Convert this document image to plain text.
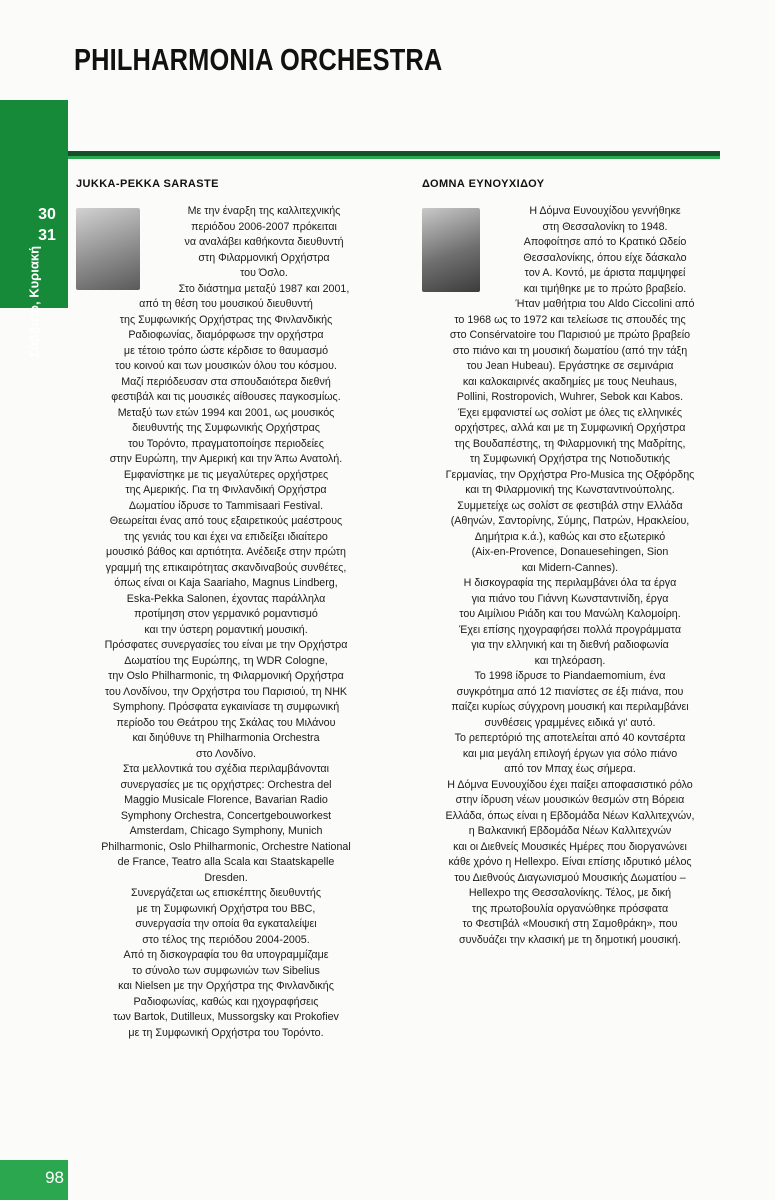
30
31
Σάββατο, Κυριακή
PHILHARMONIA ORCHESTRA
JUKKA-PEKKA SARASTE

Με την έναρξη της καλλιτεχνικής

περιόδου 2006-2007 πρόκειται

να αναλάβει καθήκοντα διευθυντή

στη Φιλαρμονική Ορχήστρα

του Όσλο.

Στο διάστημα μεταξύ 1987 και 2001,

από τη θέση του μουσικού διευθυντή

της Συμφωνικής Ορχήστρας της Φινλανδικής

Ραδιοφωνίας, διαμόρφωσε την ορχήστρα

με τέτοιο τρόπο ώστε κέρδισε το θαυμασμό

του κοινού και των μουσικών όλου του κόσμου.

Μαζί περιόδευσαν στα σπουδαιότερα διεθνή

φεστιβάλ και τις μουσικές αίθουσες παγκοσμίως.

Μεταξύ των ετών 1994 και 2001, ως μουσικός

διευθυντής της Συμφωνικής Ορχήστρας

του Τορόντο, πραγματοποίησε περιοδείες

στην Ευρώπη, την Αμερική και την Άπω Ανατολή.

Εμφανίστηκε με τις μεγαλύτερες ορχήστρες

της Αμερικής. Για τη Φινλανδική Ορχήστρα

Δωματίου ίδρυσε το Tammisaari Festival.

Θεωρείται ένας από τους εξαιρετικούς μαέστρους

της γενιάς του και έχει να επιδείξει ιδιαίτερο

μουσικό βάθος και αρτιότητα. Ανέδειξε στην πρώτη

γραμμή της επικαιρότητας σκανδιναβούς συνθέτες,

όπως είναι οι Kaja Saariaho, Magnus Lindberg,

Eska-Pekka Salonen, έχοντας παράλληλα

προτίμηση στον γερμανικό ρομαντισμό

και την ύστερη ρομαντική μουσική.

Πρόσφατες συνεργασίες του είναι με την Ορχήστρα

Δωματίου της Ευρώπης, τη WDR Cologne,

την Oslo Philharmonic, τη Φιλαρμονική Ορχήστρα

του Λονδίνου, την Ορχήστρα του Παρισιού, τη NHK

Symphony. Πρόσφατα εγκαινίασε τη συμφωνική

περίοδο του Θεάτρου της Σκάλας του Μιλάνου

και διηύθυνε τη Philharmonia Orchestra

στο Λονδίνο.

Στα μελλοντικά του σχέδια περιλαμβάνονται

συνεργασίες με τις ορχήστρες: Orchestra del

Maggio Musicale Florence, Bavarian Radio

Symphony Orchestra, Concertgebouworkest

Amsterdam, Chicago Symphony, Munich

Philharmonic, Oslo Philharmonic, Orchestre National

de France, Teatro alla Scala και Staatskapelle

Dresden.

Συνεργάζεται ως επισκέπτης διευθυντής

με τη Συμφωνική Ορχήστρα του BBC,

συνεργασία την οποία θα εγκαταλείψει

στο τέλος της περιόδου 2004-2005.

Από τη δισκογραφία του θα υπογραμμίζαμε

το σύνολο των συμφωνιών των Sibelius

και Nielsen με την Ορχήστρα της Φινλανδικής

Ραδιοφωνίας, καθώς και ηχογραφήσεις

των Bartok, Dutilleux, Mussorgsky και Prokofiev

με τη Συμφωνική Ορχήστρα του Τορόντο.

ΔΟΜΝΑ ΕΥΝΟΥΧΙΔΟΥ

Η Δόμνα Ευνουχίδου γεννήθηκε

στη Θεσσαλονίκη το 1948.

Αποφοίτησε από το Κρατικό Ωδείο

Θεσσαλονίκης, όπου είχε δάσκαλο

τον Α. Κοντό, με άριστα παμψηφεί

και τιμήθηκε με το πρώτο βραβείο.

Ήταν μαθήτρια του Aldo Ciccolini από

το 1968 ως το 1972 και τελείωσε τις σπουδές της

στο Consérvatoire του Παρισιού με πρώτο βραβείο

στο πιάνο και τη μουσική δωματίου (από την τάξη

του Jean Hubeau). Εργάστηκε σε σεμινάρια

και καλοκαιρινές ακαδημίες με τους Neuhaus,

Pollini, Rostropovich, Wuhrer, Sebok και Kabos.

Έχει εμφανιστεί ως σολίστ με όλες τις ελληνικές

ορχήστρες, αλλά και με τη Συμφωνική Ορχήστρα

της Βουδαπέστης, τη Φιλαρμονική της Μαδρίτης,

τη Συμφωνική Ορχήστρα της Νοτιοδυτικής

Γερμανίας, την Ορχήστρα Pro-Musica της Οξφόρδης

και τη Φιλαρμονική της Κωνσταντινούπολης.

Συμμετείχε ως σολίστ σε φεστιβάλ στην Ελλάδα

(Αθηνών, Σαντορίνης, Σύμης, Πατρών, Ηρακλείου,

Δημήτρια κ.ά.), καθώς και στο εξωτερικό

(Aix-en-Provence, Donauesehingen, Sion

και Midern-Cannes).

Η δισκογραφία της περιλαμβάνει όλα τα έργα

για πιάνο του Γιάννη Κωνσταντινίδη, έργα

του Αιμίλιου Ριάδη και του Μανώλη Καλομοίρη.

Έχει επίσης ηχογραφήσει πολλά προγράμματα

για την ελληνική και τη διεθνή ραδιοφωνία

και τηλεόραση.

Το 1998 ίδρυσε το Piandaemomium, ένα

συγκρότημα από 12 πιανίστες σε έξι πιάνα, που

παίζει κυρίως σύγχρονη μουσική και περιλαμβάνει

συνθέσεις γραμμένες ειδικά γι' αυτό.

Το ρεπερτόριό της αποτελείται από 40 κοντσέρτα

και μια μεγάλη επιλογή έργων για σόλο πιάνο

από τον Μπαχ έως σήμερα.

Η Δόμνα Ευνουχίδου έχει παίξει αποφασιστικό ρόλο

στην ίδρυση νέων μουσικών θεσμών στη Βόρεια

Ελλάδα, όπως είναι η Εβδομάδα Νέων Καλλιτεχνών,

η Βαλκανική Εβδομάδα Νέων Καλλιτεχνών

και οι Διεθνείς Μουσικές Ημέρες που διοργανώνει

κάθε χρόνο η Hellexpo. Είναι επίσης ιδρυτικό μέλος

του Διεθνούς Διαγωνισμού Μουσικής Δωματίου –

Hellexpo της Θεσσαλονίκης. Τέλος, με δική

της πρωτοβουλία οργανώθηκε πρόσφατα

το Φεστιβάλ «Μουσική στη Σαμοθράκη», που

συνδυάζει την κλασική με τη δημοτική μουσική.

98
